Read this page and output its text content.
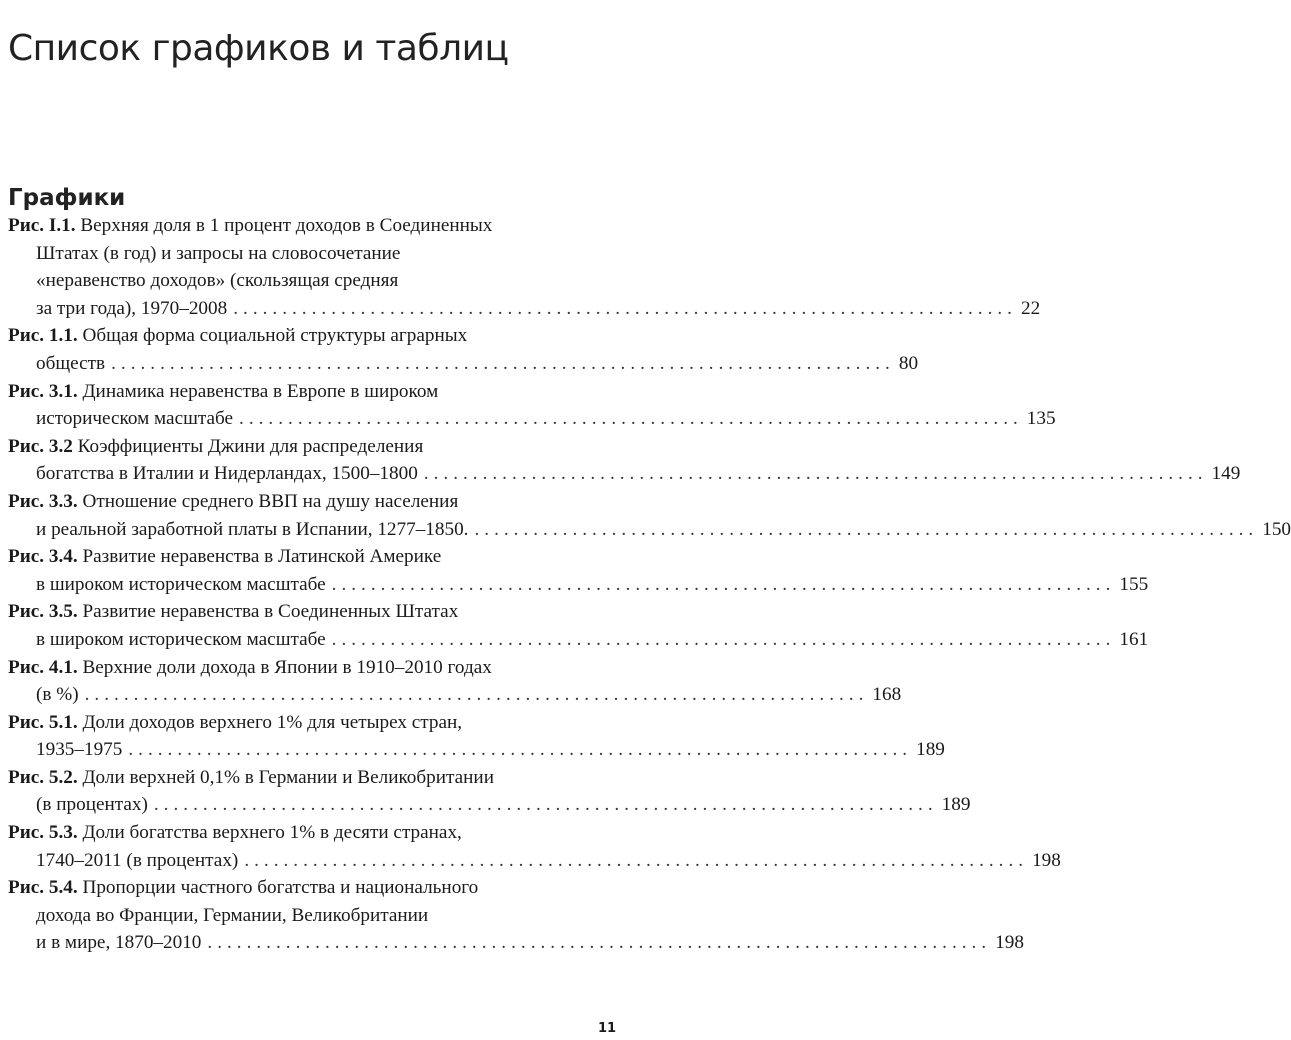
Список графиков и таблиц
Графики
Рис. I.1. Верхняя доля в 1 процент доходов в Соединенных
Штатах (в год) и запросы на словосочетание
«неравенство доходов» (скользящая средняя
за три года), 1970–2008 ................................................................................ 22
Рис. 1.1. Общая форма социальной структуры аграрных
обществ ................................................................................ 80
Рис. 3.1. Динамика неравенства в Европе в широком
историческом масштабе ................................................................................ 135
Рис. 3.2 Коэффициенты Джини для распределения
богатства в Италии и Нидерландах, 1500–1800 ................................................................................ 149
Рис. 3.3. Отношение среднего ВВП на душу населения
и реальной заработной платы в Испании, 1277–1850. ................................................................................ 150
Рис. 3.4. Развитие неравенства в Латинской Америке
в широком историческом масштабе ................................................................................ 155
Рис. 3.5. Развитие неравенства в Соединенных Штатах
в широком историческом масштабе ................................................................................ 161
Рис. 4.1. Верхние доли дохода в Японии в 1910–2010 годах
(в %) ................................................................................ 168
Рис. 5.1. Доли доходов верхнего 1% для четырех стран,
1935–1975 ................................................................................ 189
Рис. 5.2. Доли верхней 0,1% в Германии и Великобритании
(в процентах) ................................................................................ 189
Рис. 5.3. Доли богатства верхнего 1% в десяти странах,
1740–2011 (в процентах) ................................................................................ 198
Рис. 5.4. Пропорции частного богатства и национального
дохода во Франции, Германии, Великобритании
и в мире, 1870–2010 ................................................................................ 198
11
